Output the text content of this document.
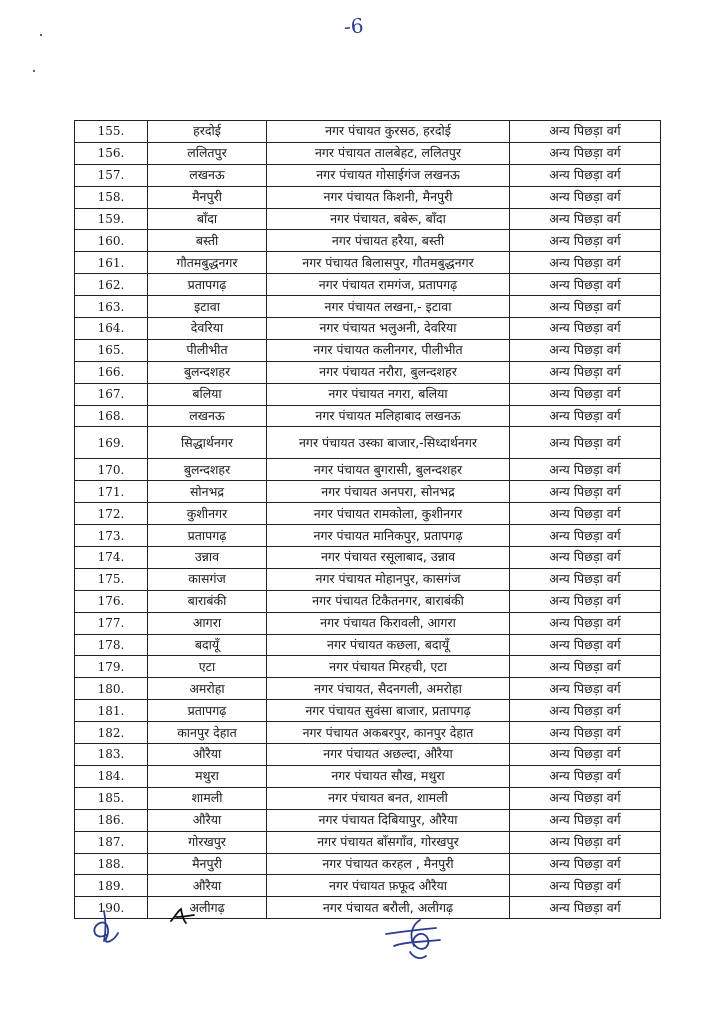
-6
155.	हरदोई	नगर पंचायत कुरसठ, हरदोई	अन्य पिछड़ा वर्ग
156.	ललितपुर	नगर पंचायत तालबेहट, ललितपुर	अन्य पिछड़ा वर्ग
157.	लखनऊ	नगर पंचायत गोसाईगंज लखनऊ	अन्य पिछड़ा वर्ग
158.	मैनपुरी	नगर पंचायत किशनी, मैनपुरी	अन्य पिछड़ा वर्ग
159.	बाँदा	नगर पंचायत, बबेरू, बाँदा	अन्य पिछड़ा वर्ग
160.	बस्ती	नगर पंचायत हरैया, बस्ती	अन्य पिछड़ा वर्ग
161.	गौतमबुद्धनगर	नगर पंचायत बिलासपुर, गौतमबुद्धनगर	अन्य पिछड़ा वर्ग
162.	प्रतापगढ़	नगर पंचायत रामगंज, प्रतापगढ़	अन्य पिछड़ा वर्ग
163.	इटावा	नगर पंचायत लखना,- इटावा	अन्य पिछड़ा वर्ग
164.	देवरिया	नगर पंचायत भलुअनी, देवरिया	अन्य पिछड़ा वर्ग
165.	पीलीभीत	नगर पंचायत कलीनगर, पीलीभीत	अन्य पिछड़ा वर्ग
166.	बुलन्दशहर	नगर पंचायत नरौरा, बुलन्दशहर	अन्य पिछड़ा वर्ग
167.	बलिया	नगर पंचायत नगरा, बलिया	अन्य पिछड़ा वर्ग
168.	लखनऊ	नगर पंचायत मलिहाबाद लखनऊ	अन्य पिछड़ा वर्ग
169.	सिद्धार्थनगर	नगर पंचायत उस्का बाजार,-सिध्दार्थनगर	अन्य पिछड़ा वर्ग
170.	बुलन्दशहर	नगर पंचायत बुगरासी, बुलन्दशहर	अन्य पिछड़ा वर्ग
171.	सोनभद्र	नगर पंचायत अनपरा, सोनभद्र	अन्य पिछड़ा वर्ग
172.	कुशीनगर	नगर पंचायत रामकोला, कुशीनगर	अन्य पिछड़ा वर्ग
173.	प्रतापगढ़	नगर पंचायत मानिकपुर, प्रतापगढ़	अन्य पिछड़ा वर्ग
174.	उन्नाव	नगर पंचायत रसूलाबाद, उन्नाव	अन्य पिछड़ा वर्ग
175.	कासगंज	नगर पंचायत मोहानपुर, कासगंज	अन्य पिछड़ा वर्ग
176.	बाराबंकी	नगर पंचायत टिकैतनगर, बाराबंकी	अन्य पिछड़ा वर्ग
177.	आगरा	नगर पंचायत किरावली, आगरा	अन्य पिछड़ा वर्ग
178.	बदायूँ	नगर पंचायत कछला, बदायूँ	अन्य पिछड़ा वर्ग
179.	एटा	नगर पंचायत मिरहची, एटा	अन्य पिछड़ा वर्ग
180.	अमरोहा	नगर पंचायत, सैदनगली, अमरोहा	अन्य पिछड़ा वर्ग
181.	प्रतापगढ़	नगर पंचायत सुवंसा बाजार, प्रतापगढ़	अन्य पिछड़ा वर्ग
182.	कानपुर देहात	नगर पंचायत अकबरपुर, कानपुर देहात	अन्य पिछड़ा वर्ग
183.	औरैया	नगर पंचायत अछल्दा, औरैया	अन्य पिछड़ा वर्ग
184.	मथुरा	नगर पंचायत सौख, मथुरा	अन्य पिछड़ा वर्ग
185.	शामली	नगर पंचायत बनत, शामली	अन्य पिछड़ा वर्ग
186.	औरैया	नगर पंचायत दिबियापुर, औरैया	अन्य पिछड़ा वर्ग
187.	गोरखपुर	नगर पंचायत बाँसगाँव, गोरखपुर	अन्य पिछड़ा वर्ग
188.	मैनपुरी	नगर पंचायत करहल , मैनपुरी	अन्य पिछड़ा वर्ग
189.	औरैया	नगर पंचायत फ़फूद औरैया	अन्य पिछड़ा वर्ग
190.	अलीगढ़	नगर पंचायत बरौली, अलीगढ़	अन्य पिछड़ा वर्ग
